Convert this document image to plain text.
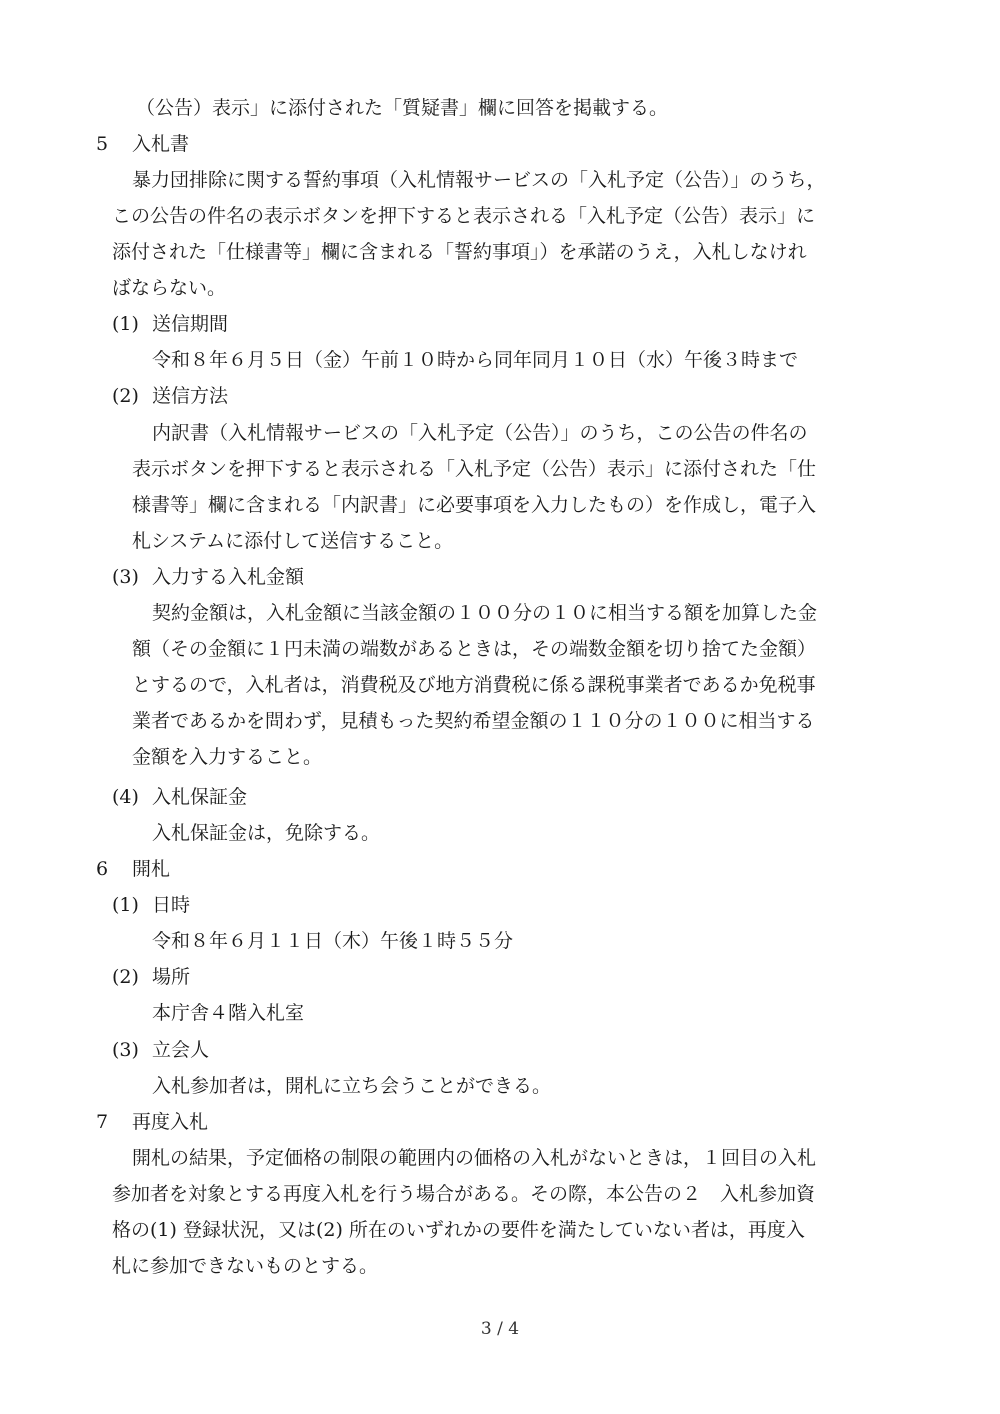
（公告）表示」に添付された「質疑書」欄に回答を掲載する。
5 入札書
暴力団排除に関する誓約事項（入札情報サービスの「入札予定（公告）」のうち，
この公告の件名の表示ボタンを押下すると表示される「入札予定（公告）表示」に
添付された「仕様書等」欄に含まれる「誓約事項」）を承諾のうえ，入札しなけれ
ばならない。
(1) 送信期間
令和８年６月５日（金）午前１０時から同年同月１０日（水）午後３時まで
(2) 送信方法
内訳書（入札情報サービスの「入札予定（公告）」のうち，この公告の件名の
表示ボタンを押下すると表示される「入札予定（公告）表示」に添付された「仕
様書等」欄に含まれる「内訳書」に必要事項を入力したもの）を作成し，電子入
札システムに添付して送信すること。
(3) 入力する入札金額
契約金額は，入札金額に当該金額の１００分の１０に相当する額を加算した金
額（その金額に１円未満の端数があるときは，その端数金額を切り捨てた金額）
とするので，入札者は，消費税及び地方消費税に係る課税事業者であるか免税事
業者であるかを問わず，見積もった契約希望金額の１１０分の１００に相当する
金額を入力すること。
(4) 入札保証金
入札保証金は，免除する。
6 開札
(1) 日時
令和８年６月１１日（木）午後１時５５分
(2) 場所
本庁舎４階入札室
(3) 立会人
入札参加者は，開札に立ち会うことができる。
7 再度入札
開札の結果，予定価格の制限の範囲内の価格の入札がないときは，１回目の入札
参加者を対象とする再度入札を行う場合がある。その際，本公告の２　入札参加資
格の(1) 登録状況，又は(2) 所在のいずれかの要件を満たしていない者は，再度入
札に参加できないものとする。
3 / 4
